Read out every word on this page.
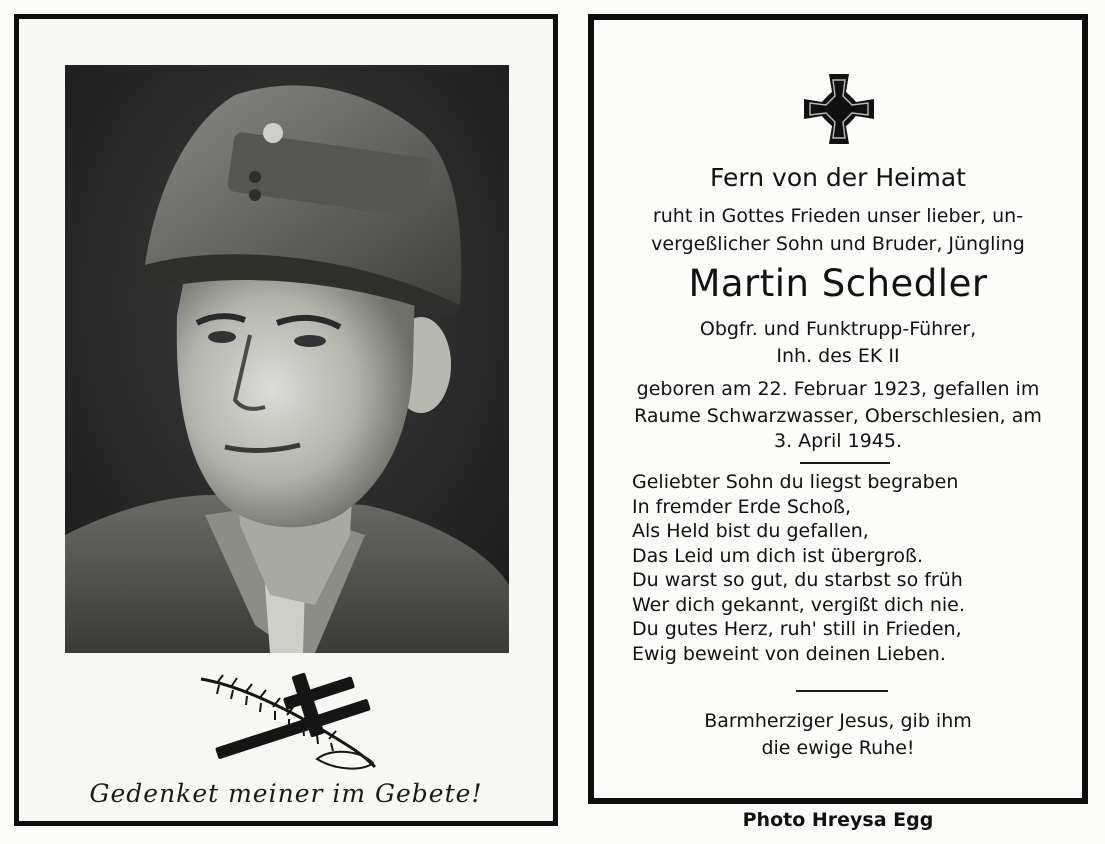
Gedenket meiner im Gebete!
Fern von der Heimat
ruht in Gottes Frieden unser lieber, un-
vergeßlicher Sohn und Bruder, Jüngling
Martin Schedler
Obgfr. und Funktrupp-Führer,
Inh. des EK II
geboren am 22. Februar 1923, gefallen im
Raume Schwarzwasser, Oberschlesien, am
3. April 1945.
Geliebter Sohn du liegst begraben
In fremder Erde Schoß,
Als Held bist du gefallen,
Das Leid um dich ist übergroß.
Du warst so gut, du starbst so früh
Wer dich gekannt, vergißt dich nie.
Du gutes Herz, ruh' still in Frieden,
Ewig beweint von deinen Lieben.
Barmherziger Jesus, gib ihm
die ewige Ruhe!
Photo Hreysa Egg
